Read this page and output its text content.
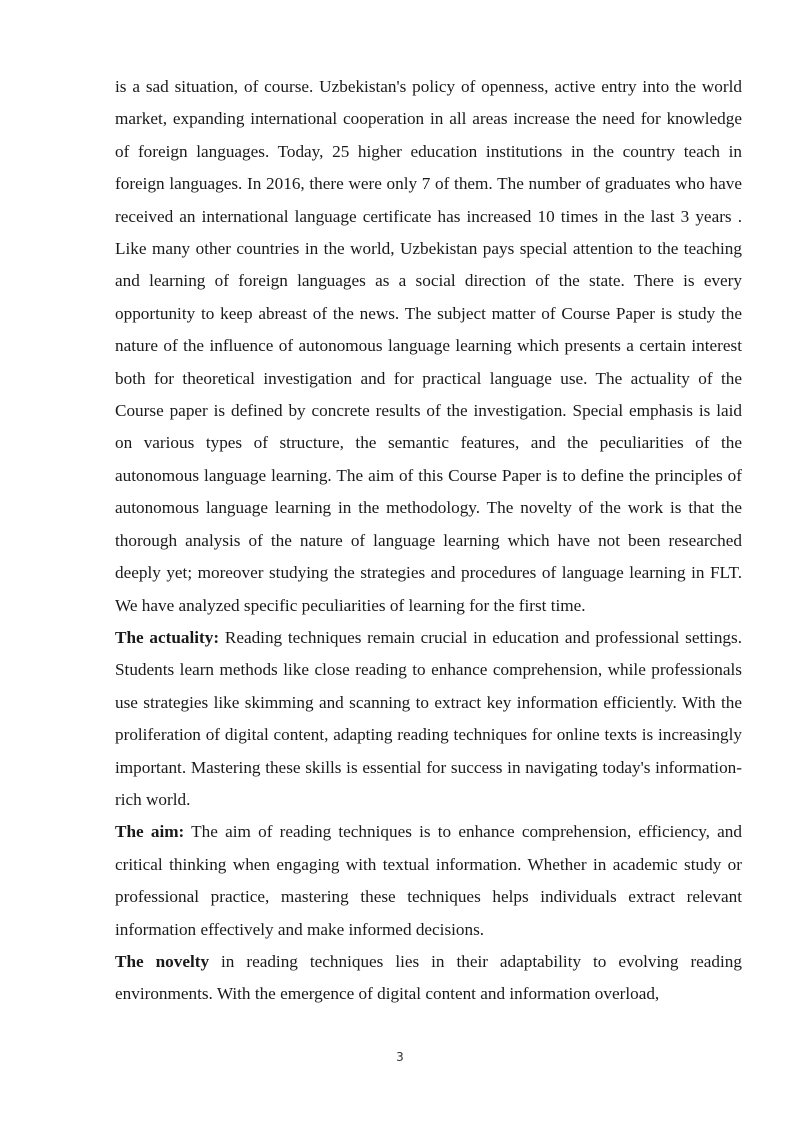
is a sad situation, of course. Uzbekistan's policy of openness, active entry into the world market, expanding international cooperation in all areas increase the need for knowledge of foreign languages. Today, 25 higher education institutions in the country teach in foreign languages. In 2016, there were only 7 of them. The number of graduates who have received an international language certificate has increased 10 times in the last 3 years . Like many other countries in the world, Uzbekistan pays special attention to the teaching and learning of foreign languages as a social direction of the state. There is every opportunity to keep abreast of the news. The subject matter of Course Paper is study the nature of the influence of autonomous language learning which presents a certain interest both for theoretical investigation and for practical language use. The actuality of the Course paper is defined by concrete results of the investigation. Special emphasis is laid on various types of structure, the semantic features, and the peculiarities of the autonomous language learning. The aim of this Course Paper is to define the principles of autonomous language learning in the methodology. The novelty of the work is that the thorough analysis of the nature of language learning which have not been researched deeply yet; moreover studying the strategies and procedures of language learning in FLT. We have analyzed specific peculiarities of learning for the first time.

The actuality: Reading techniques remain crucial in education and professional settings. Students learn methods like close reading to enhance comprehension, while professionals use strategies like skimming and scanning to extract key information efficiently. With the proliferation of digital content, adapting reading techniques for online texts is increasingly important. Mastering these skills is essential for success in navigating today's information-rich world.

The aim: The aim of reading techniques is to enhance comprehension, efficiency, and critical thinking when engaging with textual information. Whether in academic study or professional practice, mastering these techniques helps individuals extract relevant information effectively and make informed decisions.

The novelty in reading techniques lies in their adaptability to evolving reading environments. With the emergence of digital content and information overload,

3
